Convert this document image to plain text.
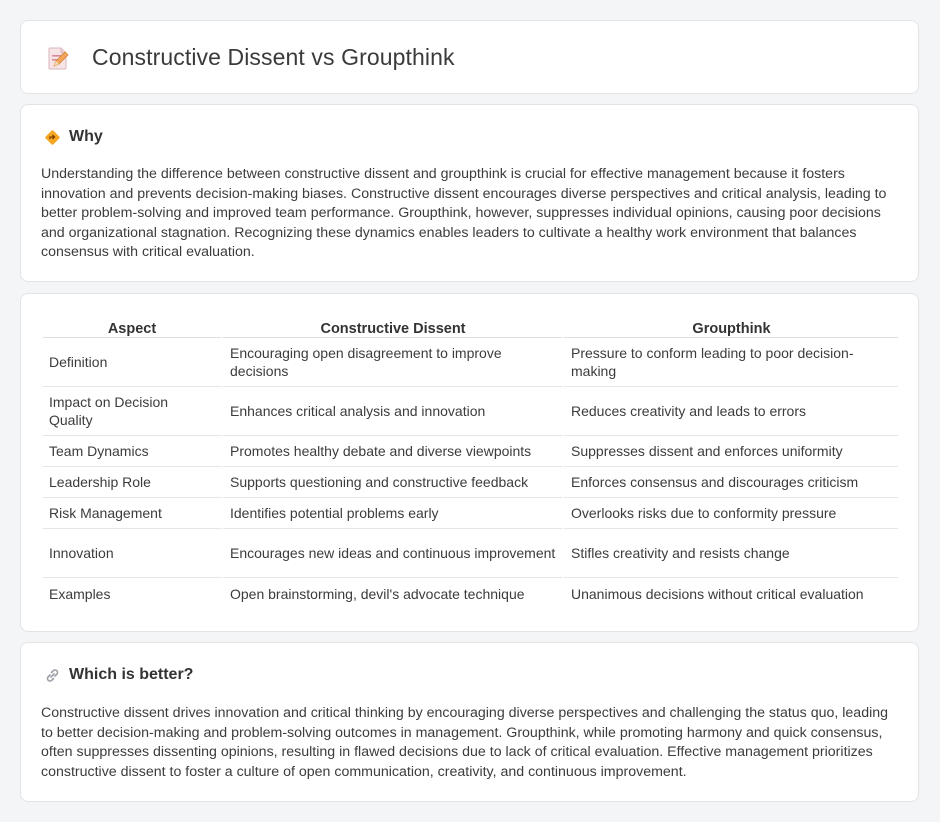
Constructive Dissent vs Groupthink
Why

Understanding the difference between constructive dissent and groupthink is crucial for effective management because it fosters innovation and prevents decision-making biases. Constructive dissent encourages diverse perspectives and critical analysis, leading to better problem-solving and improved team performance. Groupthink, however, suppresses individual opinions, causing poor decisions and organizational stagnation. Recognizing these dynamics enables leaders to cultivate a healthy work environment that balances consensus with critical evaluation.

Aspect	Constructive Dissent	Groupthink
Definition	Encouraging open disagreement to improve decisions	Pressure to conform leading to poor decision-making
Impact on Decision Quality	Enhances critical analysis and innovation	Reduces creativity and leads to errors
Team Dynamics	Promotes healthy debate and diverse viewpoints	Suppresses dissent and enforces uniformity
Leadership Role	Supports questioning and constructive feedback	Enforces consensus and discourages criticism
Risk Management	Identifies potential problems early	Overlooks risks due to conformity pressure
Innovation	Encourages new ideas and continuous improvement	Stifles creativity and resists change
Examples	Open brainstorming, devil's advocate technique	Unanimous decisions without critical evaluation
Which is better?

Constructive dissent drives innovation and critical thinking by encouraging diverse perspectives and challenging the status quo, leading to better decision-making and problem-solving outcomes in management. Groupthink, while promoting harmony and quick consensus, often suppresses dissenting opinions, resulting in flawed decisions due to lack of critical evaluation. Effective management prioritizes constructive dissent to foster a culture of open communication, creativity, and continuous improvement.
